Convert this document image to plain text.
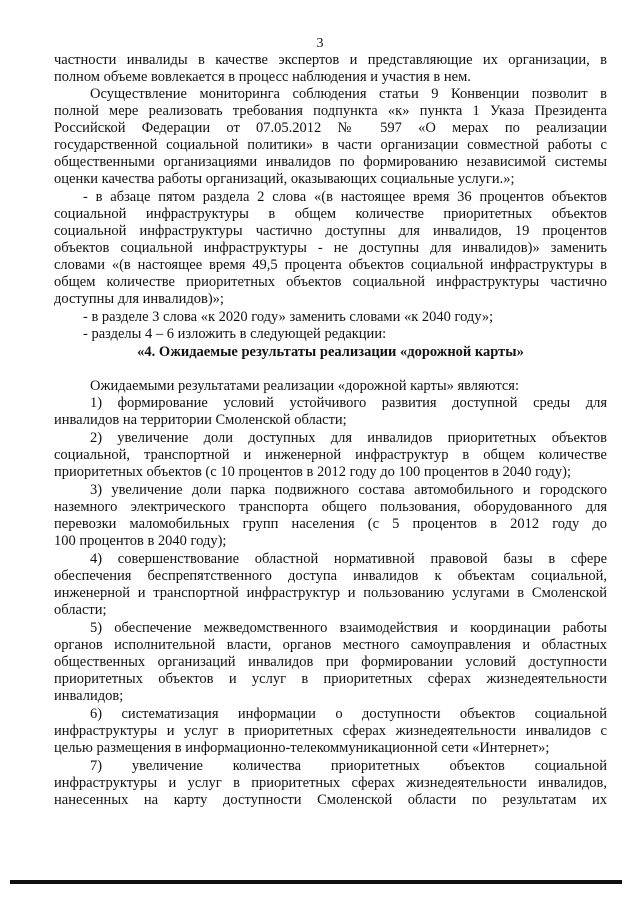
3
частности инвалиды в качестве экспертов и представляющие их организации, в
полном объеме вовлекается в процесс наблюдения и участия в нем.
Осуществление мониторинга соблюдения статьи 9 Конвенции позволит в
полной мере реализовать требования подпункта «к» пункта 1 Указа Президента
Российской Федерации от 07.05.2012 № 597 «О мерах по реализации
государственной социальной политики» в части организации совместной работы с
общественными организациями инвалидов по формированию независимой системы
оценки качества работы организаций, оказывающих социальные услуги.»;
- в абзаце пятом раздела 2 слова «(в настоящее время 36 процентов объектов
социальной инфраструктуры в общем количестве приоритетных объектов
социальной инфраструктуры частично доступны для инвалидов, 19 процентов
объектов социальной инфраструктуры - не доступны для инвалидов)» заменить
словами «(в настоящее время 49,5 процента объектов социальной инфраструктуры в
общем количестве приоритетных объектов социальной инфраструктуры частично
доступны для инвалидов)»;
- в разделе 3 слова «к 2020 году» заменить словами «к 2040 году»;
- разделы 4 – 6 изложить в следующей редакции:
«4. Ожидаемые результаты реализации «дорожной карты»
Ожидаемыми результатами реализации «дорожной карты» являются:
1) формирование условий устойчивого развития доступной среды для
инвалидов на территории Смоленской области;
2) увеличение доли доступных для инвалидов приоритетных объектов
социальной, транспортной и инженерной инфраструктур в общем количестве
приоритетных объектов (с 10 процентов в 2012 году до 100 процентов в 2040 году);
3) увеличение доли парка подвижного состава автомобильного и городского
наземного электрического транспорта общего пользования, оборудованного для
перевозки маломобильных групп населения (с 5 процентов в 2012 году до
100 процентов в 2040 году);
4) совершенствование областной нормативной правовой базы в сфере
обеспечения беспрепятственного доступа инвалидов к объектам социальной,
инженерной и транспортной инфраструктур и пользованию услугами в Смоленской
области;
5) обеспечение межведомственного взаимодействия и координации работы
органов исполнительной власти, органов местного самоуправления и областных
общественных организаций инвалидов при формировании условий доступности
приоритетных объектов и услуг в приоритетных сферах жизнедеятельности
инвалидов;
6) систематизация информации о доступности объектов социальной
инфраструктуры и услуг в приоритетных сферах жизнедеятельности инвалидов с
целью размещения в информационно-телекоммуникационной сети «Интернет»;
7) увеличение количества приоритетных объектов социальной
инфраструктуры и услуг в приоритетных сферах жизнедеятельности инвалидов,
нанесенных на карту доступности Смоленской области по результатам их
